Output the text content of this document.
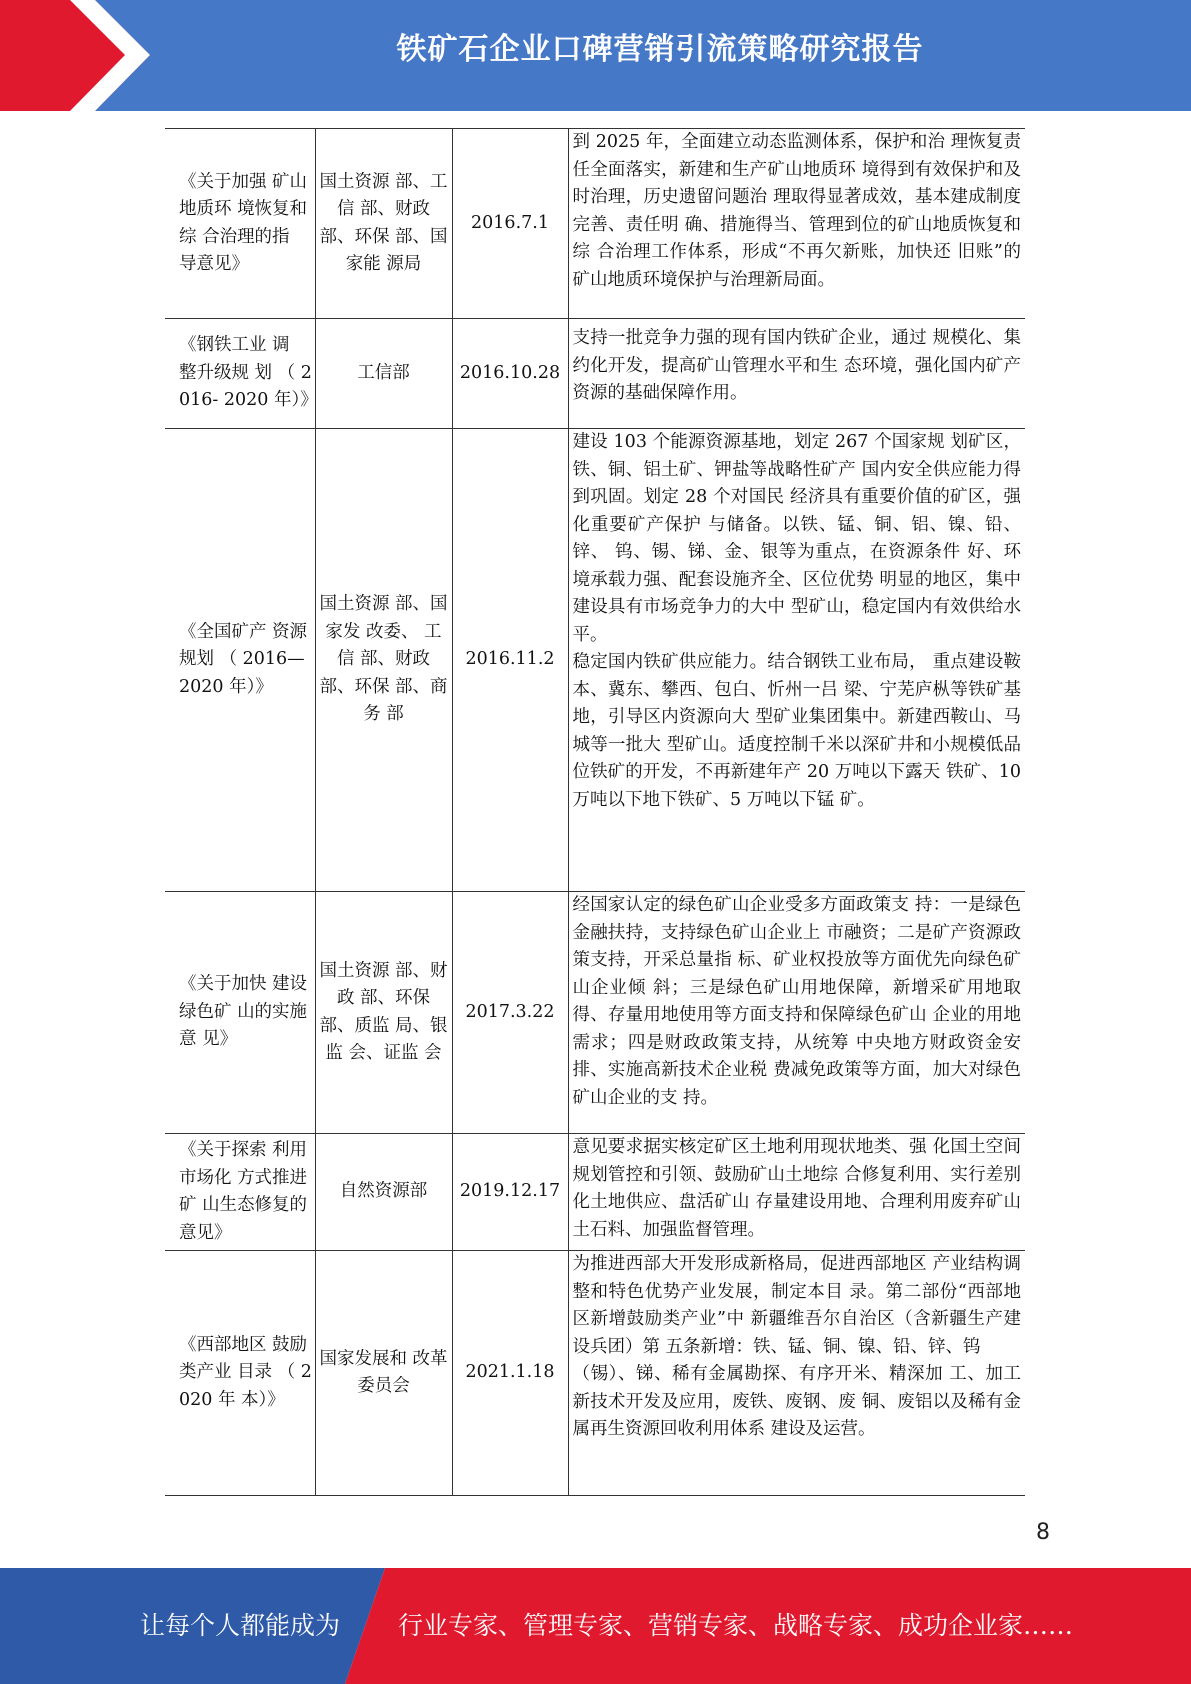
铁矿石企业口碑营销引流策略研究报告
《关于加强 矿山地质环 境恢复和综 合治理的指 导意见》	国土资源 部、工信 部、财政 部、环保 部、国家能 源局	2016.7.1	到 2025 年，全面建立动态监测体系，保护和治 理恢复责任全面落实，新建和生产矿山地质环 境得到有效保护和及时治理，历史遗留问题治 理取得显著成效，基本建成制度完善、责任明 确、措施得当、管理到位的矿山地质恢复和综 合治理工作体系，形成“不再欠新账，加快还 旧账”的矿山地质环境保护与治理新局面。
《钢铁工业 调 整升级规 划 （ 2016- 2020 年）》	工信部	2016.10.28	支持一批竞争力强的现有国内铁矿企业，通过 规模化、集约化开发，提高矿山管理水平和生 态环境，强化国内矿产资源的基础保障作用。

《全国矿产 资源规划 （ 2016— 2020 年）》	国土资源 部、国家发 改委、 工信 部、财政 部、环保 部、商务 部	2016.11.2	建设 103 个能源资源基地，划定 267 个国家规 划矿区，铁、铜、铝土矿、钾盐等战略性矿产 国内安全供应能力得到巩固。划定 28 个对国民 经济具有重要价值的矿区，强化重要矿产保护 与储备。以铁、锰、铜、铝、镍、铅、锌、 钨、锡、锑、金、银等为重点，在资源条件 好、环境承载力强、配套设施齐全、区位优势 明显的地区，集中建设具有市场竞争力的大中 型矿山，稳定国内有效供给水平。
稳定国内铁矿供应能力。结合钢铁工业布局， 重点建设鞍本、冀东、攀西、包白、忻州一吕 梁、宁芜庐枞等铁矿基地，引导区内资源向大 型矿业集团集中。新建西鞍山、马城等一批大 型矿山。适度控制千米以深矿井和小规模低品 位铁矿的开发，不再新建年产 20 万吨以下露天 铁矿、10 万吨以下地下铁矿、5 万吨以下锰 矿。

《关于加快 建设绿色矿 山的实施意 见》	国土资源 部、财政 部、环保 部、质监 局、银监 会、证监 会	2017.3.22	经国家认定的绿色矿山企业受多方面政策支 持：一是绿色金融扶持，支持绿色矿山企业上 市融资；二是矿产资源政策支持，开采总量指 标、矿业权投放等方面优先向绿色矿山企业倾 斜；三是绿色矿山用地保障，新增采矿用地取 得、存量用地使用等方面支持和保障绿色矿山 企业的用地需求；四是财政政策支持，从统筹 中央地方财政资金安排、实施高新技术企业税 费减免政策等方面，加大对绿色矿山企业的支 持。
《关于探索 利用市场化 方式推进矿 山生态修复的意见》	自然资源部	2019.12.17	意见要求据实核定矿区土地利用现状地类、强 化国土空间规划管控和引领、鼓励矿山土地综 合修复利用、实行差别化土地供应、盘活矿山 存量建设用地、合理利用废弃矿山土石料、加强监督管理。
《西部地区 鼓励类产业 目录 （ 2020 年 本）》	国家发展和 改革委员会	2021.1.18	为推进西部大开发形成新格局，促进西部地区 产业结构调整和特色优势产业发展，制定本目 录。第二部份“西部地区新增鼓励类产业”中 新疆维吾尔自治区（含新疆生产建设兵团）第 五条新增：铁、锰、铜、镍、铅、锌、钨
（锡）、锑、稀有金属勘探、有序开米、精深加 工、加工新技术开发及应用，废铁、废钢、废 铜、废铝以及稀有金属再生资源回收利用体系 建设及运营。
8
让每个人都能成为 行业专家、管理专家、营销专家、战略专家、成功企业家……
